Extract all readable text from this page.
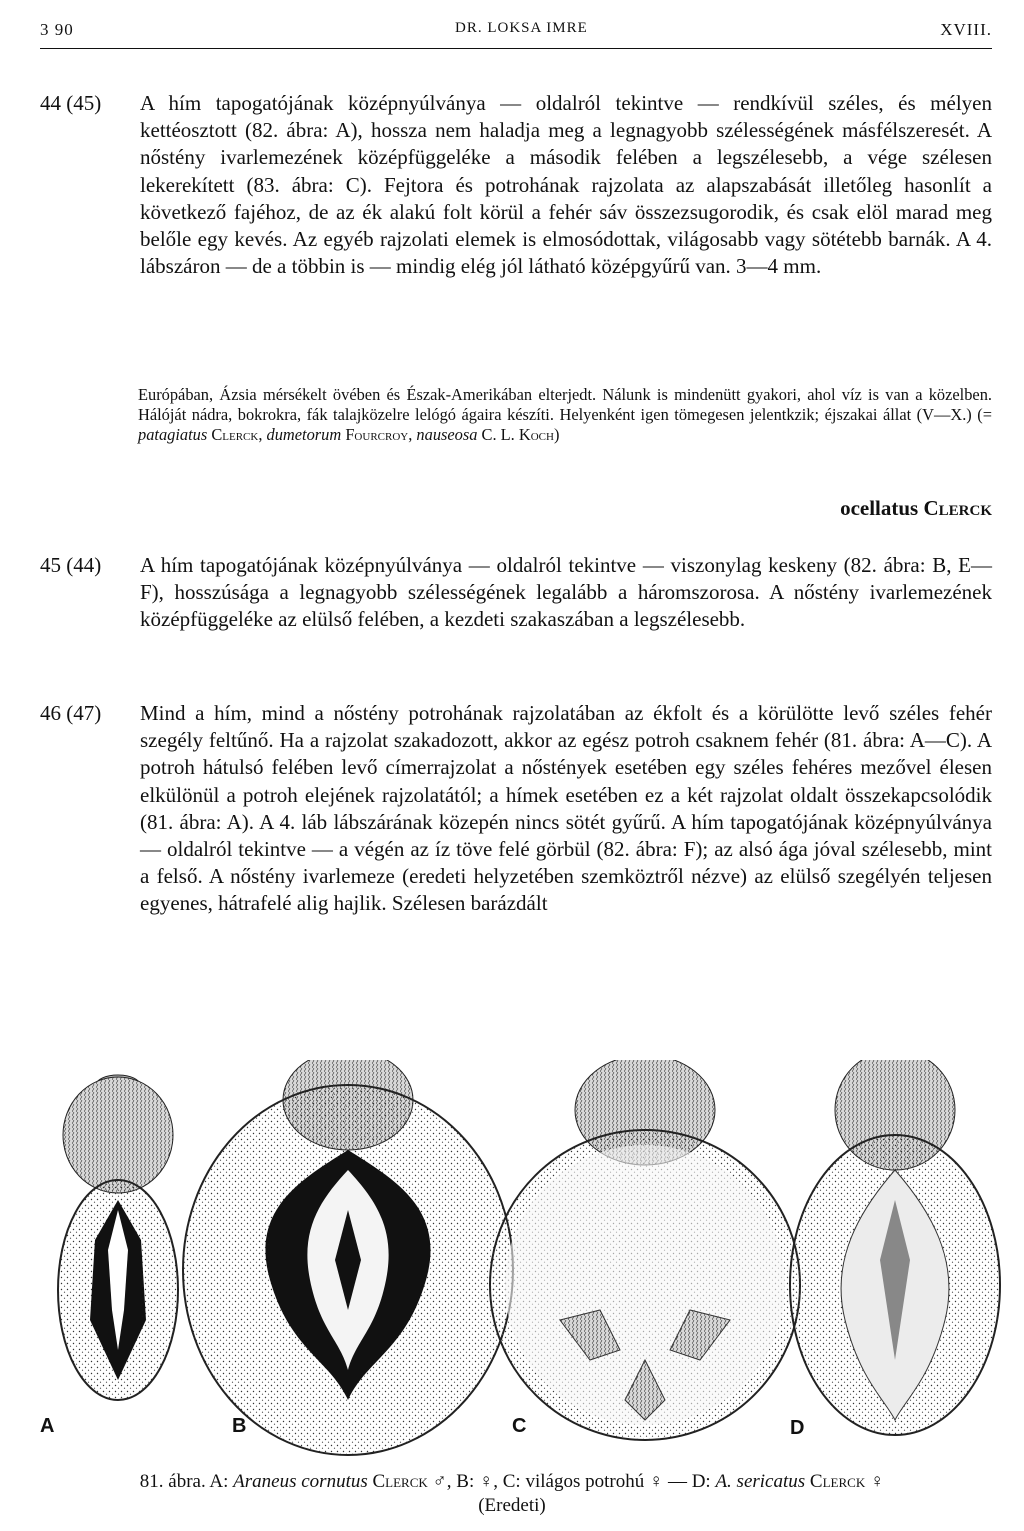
3 90	DR. LOKSA IMRE	XVIII.
44 (45)	A hím tapogatójának középnyúlványa — oldalról tekintve — rendkívül széles, és mélyen kettéosztott (82. ábra: A), hossza nem haladja meg a legnagyobb szélességének másfélszeresét. A nőstény ivarlemezének középfüggeléke a második felében a legszélesebb, a vége szélesen lekerekített (83. ábra: C). Fejtora és potrohának rajzolata az alapszabását illetőleg hasonlít a következő fajéhoz, de az ék alakú folt körül a fehér sáv összezsugorodik, és csak elöl marad meg belőle egy kevés. Az egyéb rajzolati elemek is elmosódottak, világosabb vagy sötétebb barnák. A 4. lábszáron — de a többin is — mindig elég jól látható középgyűrű van. 3—4 mm.
Európában, Ázsia mérsékelt övében és Észak-Amerikában elterjedt. Nálunk is mindenütt gyakori, ahol víz is van a közelben. Hálóját nádra, bokrokra, fák talajközelre lelógó ágaira készíti. Helyenként igen tömegesen jelentkzik; éjszakai állat (V—X.) (= patagiatus Clerck, dumetorum Fourcroy, nauseosa C. L. Koch)
ocellatus Clerck
45 (44)	A hím tapogatójának középnyúlványa — oldalról tekintve — viszonylag keskeny (82. ábra: B, E—F), hosszúsága a legnagyobb szélességének legalább a háromszorosa. A nőstény ivarlemezének középfüggeléke az elülső felében, a kezdeti szakaszában a legszélesebb.
46 (47)	Mind a hím, mind a nőstény potrohának rajzolatában az ékfolt és a körülötte levő széles fehér szegély feltűnő. Ha a rajzolat szakadozott, akkor az egész potroh csaknem fehér (81. ábra: A—C). A potroh hátulsó felében levő címerrajzolat a nőstények esetében egy széles fehéres mezővel élesen elkülönül a potroh elejének rajzolatától; a hímek esetében ez a két rajzolat oldalt összekapcsolódik (81. ábra: A). A 4. láb lábszárának közepén nincs sötét gyűrű. A hím tapogatójának középnyúlványa — oldalról tekintve — a végén az íz töve felé görbül (82. ábra: F); az alsó ága jóval szélesebb, mint a felső. A nőstény ivarlemeze (eredeti helyzetében szemköztről nézve) az elülső szegélyén teljesen egyenes, hátrafelé alig hajlik. Szélesen barázdált
A	B	C	D
81. ábra. A: Araneus cornutus Clerck ♂, B: ♀, C: világos potrohú ♀ — D: A. sericatus Clerck ♀
(Eredeti)
